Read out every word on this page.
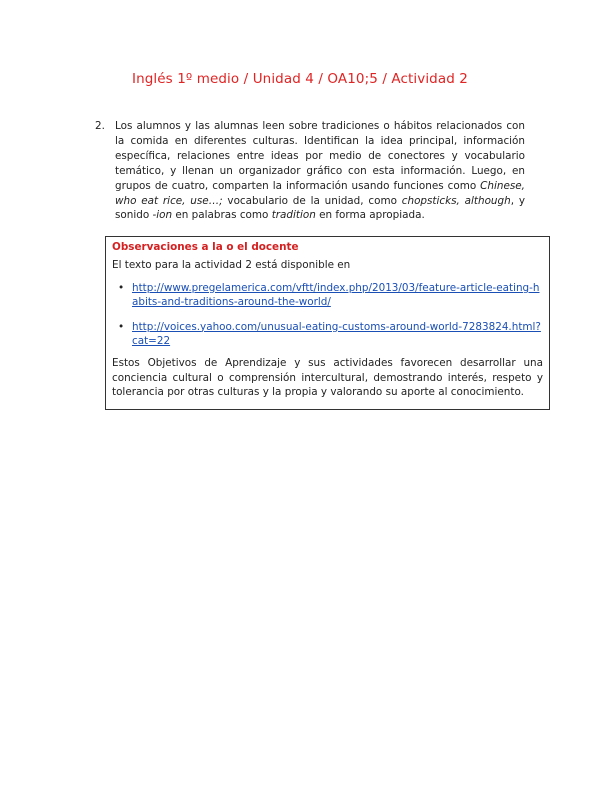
Inglés 1º medio / Unidad 4 / OA10;5 / Actividad 2
2. Los alumnos y las alumnas leen sobre tradiciones o hábitos relacionados con la comida en diferentes culturas. Identifican la idea principal, información específica, relaciones entre ideas por medio de conectores y vocabulario temático, y llenan un organizador gráfico con esta información. Luego, en grupos de cuatro, comparten la información usando funciones como Chinese, who eat rice, use…; vocabulario de la unidad, como chopsticks, although, y sonido -ion en palabras como tradition en forma apropiada.
Observaciones a la o el docente
El texto para la actividad 2 está disponible en
• http://www.pregelamerica.com/vftt/index.php/2013/03/feature-article-eating-habits-and-traditions-around-the-world/
• http://voices.yahoo.com/unusual-eating-customs-around-world-7283824.html?cat=22
Estos Objetivos de Aprendizaje y sus actividades favorecen desarrollar una conciencia cultural o comprensión intercultural, demostrando interés, respeto y tolerancia por otras culturas y la propia y valorando su aporte al conocimiento.
